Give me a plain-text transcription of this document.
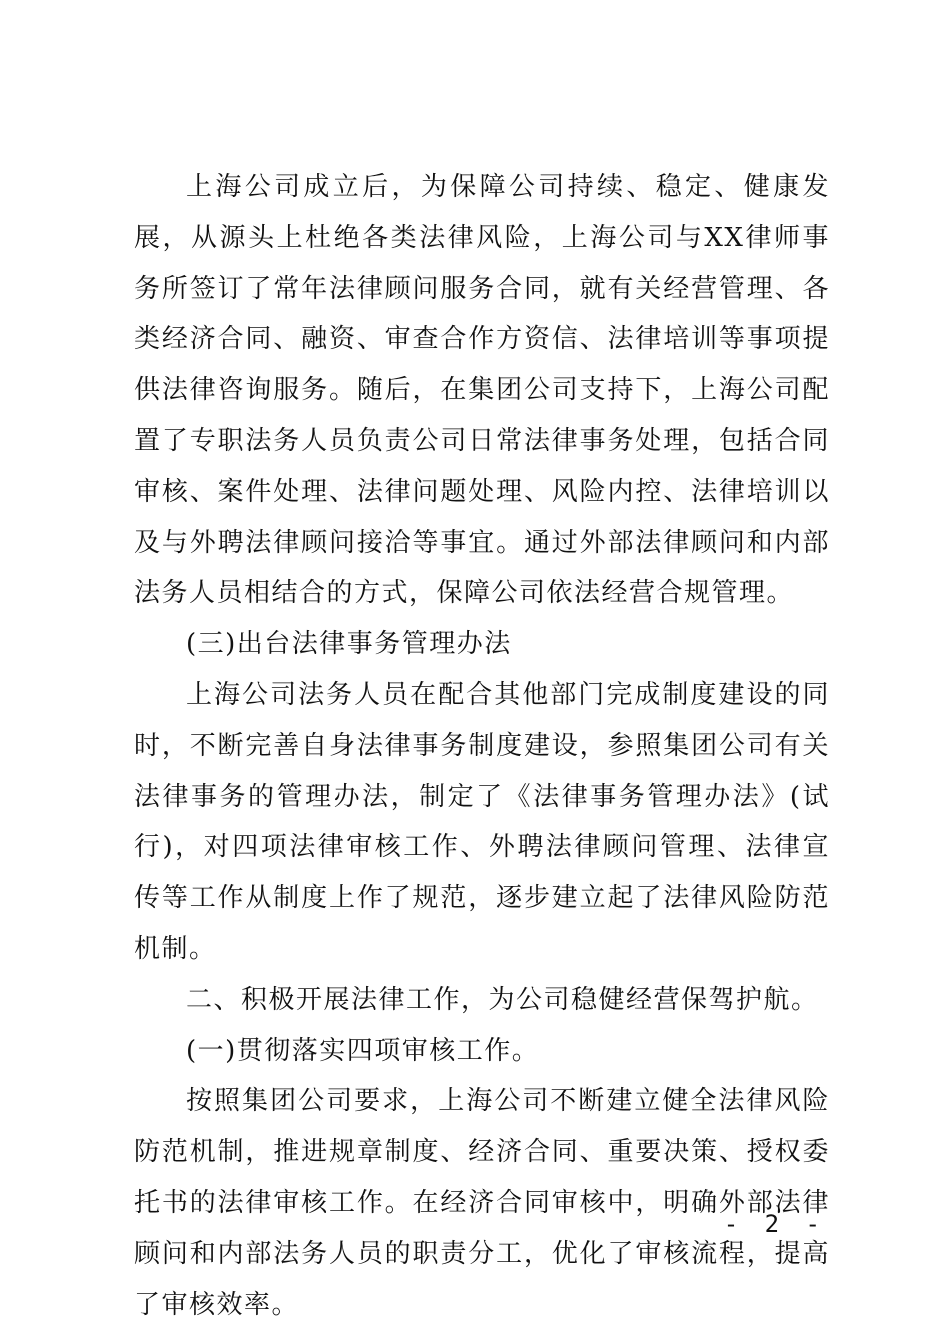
上海公司成立后，为保障公司持续、稳定、健康发展，从源头上杜绝各类法律风险，上海公司与XX律师事务所签订了常年法律顾问服务合同，就有关经营管理、各类经济合同、融资、审查合作方资信、法律培训等事项提供法律咨询服务。随后，在集团公司支持下，上海公司配置了专职法务人员负责公司日常法律事务处理，包括合同审核、案件处理、法律问题处理、风险内控、法律培训以及与外聘法律顾问接洽等事宜。通过外部法律顾问和内部法务人员相结合的方式，保障公司依法经营合规管理。

(三)出台法律事务管理办法

上海公司法务人员在配合其他部门完成制度建设的同时，不断完善自身法律事务制度建设，参照集团公司有关法律事务的管理办法，制定了《法律事务管理办法》(试行)，对四项法律审核工作、外聘法律顾问管理、法律宣传等工作从制度上作了规范，逐步建立起了法律风险防范机制。

二、积极开展法律工作，为公司稳健经营保驾护航。

(一)贯彻落实四项审核工作。

按照集团公司要求，上海公司不断建立健全法律风险防范机制，推进规章制度、经济合同、重要决策、授权委托书的法律审核工作。在经济合同审核中，明确外部法律顾问和内部法务人员的职责分工，优化了审核流程，提高了审核效率。

- 2 -
